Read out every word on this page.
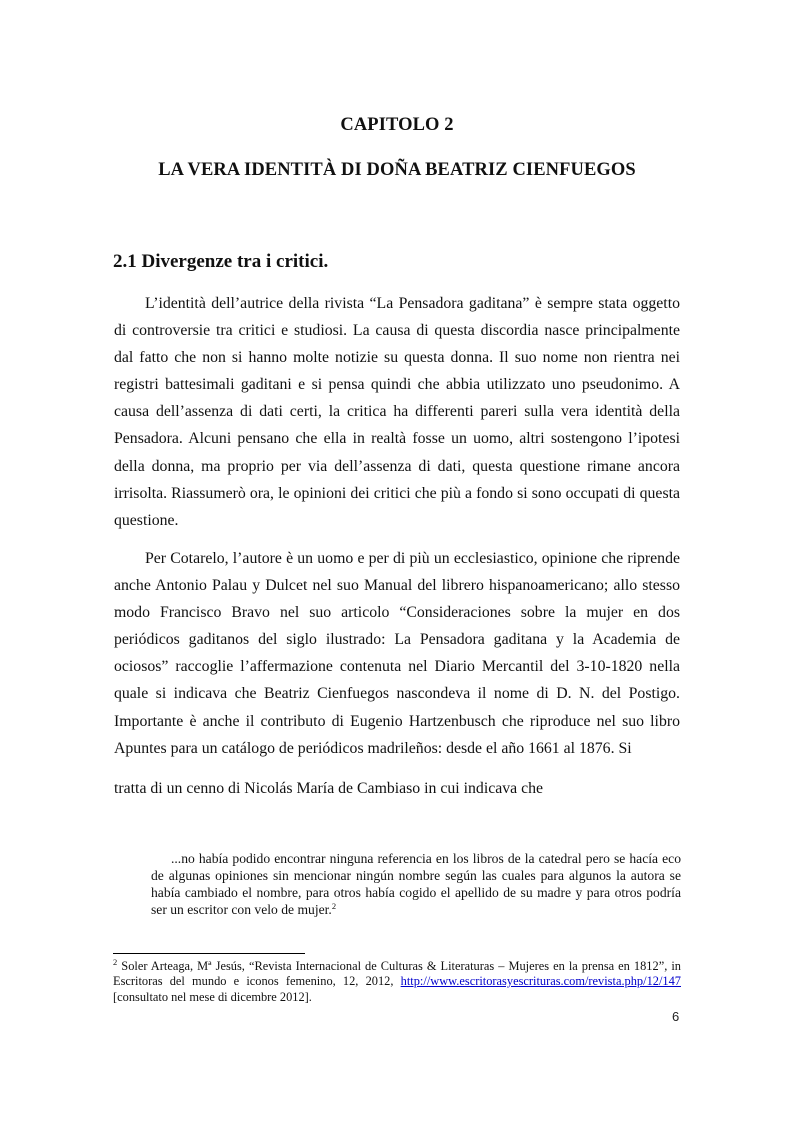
CAPITOLO 2
LA VERA IDENTITÀ DI DOÑA BEATRIZ CIENFUEGOS
2.1 Divergenze tra i critici.

L’identità dell’autrice della rivista “La Pensadora gaditana” è sempre stata oggetto di controversie tra critici e studiosi. La causa di questa discordia nasce principalmente dal fatto che non si hanno molte notizie su questa donna. Il suo nome non rientra nei registri battesimali gaditani e si pensa quindi che abbia utilizzato uno pseudonimo. A causa dell’assenza di dati certi, la critica ha differenti pareri sulla vera identità della Pensadora. Alcuni pensano che ella in realtà fosse un uomo, altri sostengono l’ipotesi della donna, ma proprio per via dell’assenza di dati, questa questione rimane ancora irrisolta. Riassumerò ora, le opinioni dei critici che più a fondo si sono occupati di questa questione.

Per Cotarelo, l’autore è un uomo e per di più un ecclesiastico, opinione che riprende anche Antonio Palau y Dulcet nel suo Manual del librero hispanoamericano; allo stesso modo Francisco Bravo nel suo articolo “Consideraciones sobre la mujer en dos periódicos gaditanos del siglo ilustrado: La Pensadora gaditana y la Academia de ociosos” raccoglie l’affermazione contenuta nel Diario Mercantil del 3-10-1820 nella quale si indicava che Beatriz Cienfuegos nascondeva il nome di D. N. del Postigo. Importante è anche il contributo di Eugenio Hartzenbusch che riproduce nel suo libro Apuntes para un catálogo de periódicos madrileños: desde el año 1661 al 1876. Si

tratta di un cenno di Nicolás María de Cambiaso in cui indicava che

...no había podido encontrar ninguna referencia en los libros de la catedral pero se hacía eco de algunas opiniones sin mencionar ningún nombre según las cuales para algunos la autora se había cambiado el nombre, para otros había cogido el apellido de su madre y para otros podría ser un escritor con velo de mujer.$^2$

$^2$ Soler Arteaga, Mª Jesús, “Revista Internacional de Culturas & Literaturas – Mujeres en la prensa en 1812”, in Escritoras del mundo e iconos femenino, 12, 2012, http://www.escritorasyescrituras.com/revista.php/12/147 [consultato nel mese di dicembre 2012].

6
